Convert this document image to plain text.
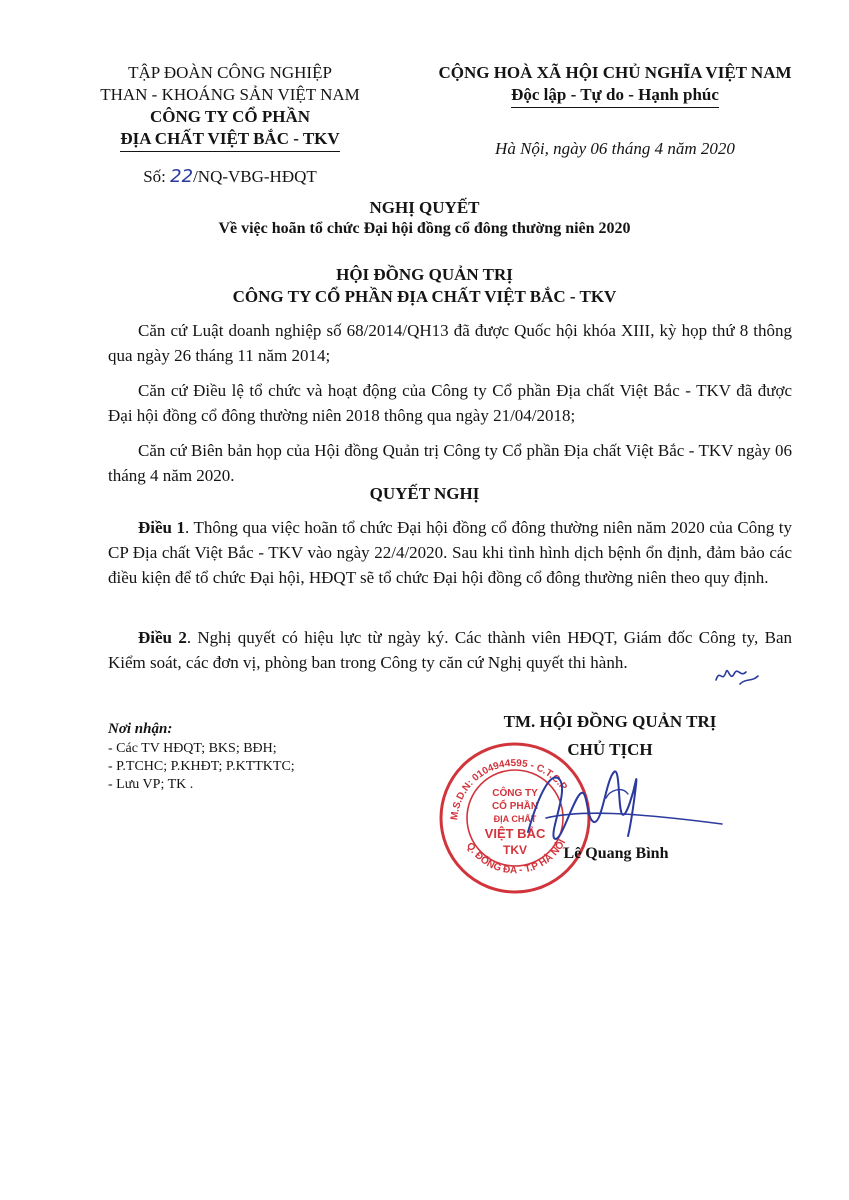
TẬP ĐOÀN CÔNG NGHIỆP
THAN - KHOÁNG SẢN VIỆT NAM
CÔNG TY CỔ PHẦN
ĐỊA CHẤT VIỆT BẮC - TKV
Số: 22/NQ-VBG-HĐQT
CỘNG HOÀ XÃ HỘI CHỦ NGHĨA VIỆT NAM
Độc lập - Tự do - Hạnh phúc
Hà Nội, ngày 06 tháng 4 năm 2020
NGHỊ QUYẾT
Về việc hoãn tổ chức Đại hội đồng cổ đông thường niên 2020
HỘI ĐỒNG QUẢN TRỊ
CÔNG TY CỔ PHẦN ĐỊA CHẤT VIỆT BẮC - TKV
Căn cứ Luật doanh nghiệp số 68/2014/QH13 đã được Quốc hội khóa XIII, kỳ họp thứ 8 thông qua ngày 26 tháng 11 năm 2014;
Căn cứ Điều lệ tổ chức và hoạt động của Công ty Cổ phần Địa chất Việt Bắc - TKV đã được Đại hội đồng cổ đông thường niên 2018 thông qua ngày 21/04/2018;
Căn cứ Biên bản họp của Hội đồng Quản trị Công ty Cổ phần Địa chất Việt Bắc - TKV ngày 06 tháng 4 năm 2020.
QUYẾT NGHỊ
Điều 1. Thông qua việc hoãn tổ chức Đại hội đồng cổ đông thường niên năm 2020 của Công ty CP Địa chất Việt Bắc - TKV vào ngày 22/4/2020. Sau khi tình hình dịch bệnh ổn định, đảm bảo các điều kiện để tổ chức Đại hội, HĐQT sẽ tổ chức Đại hội đồng cổ đông thường niên theo quy định.
Điều 2. Nghị quyết có hiệu lực từ ngày ký. Các thành viên HĐQT, Giám đốc Công ty, Ban Kiểm soát, các đơn vị, phòng ban trong Công ty căn cứ Nghị quyết thi hành.
Nơi nhận:
- Các TV HĐQT; BKS; BĐH;
- P.TCHC; P.KHĐT; P.KTTKTC;
- Lưu VP; TK .
TM. HỘI ĐỒNG QUẢN TRỊ
CHỦ TỊCH
M.S.D.N: 0104944595 - C.T.C.P
Q. ĐỐNG ĐA - T.P HÀ NỘI
CÔNG TY
CỔ PHẦN
ĐỊA CHẤT
VIỆT BẮC
TKV	Lê Quang Bình
